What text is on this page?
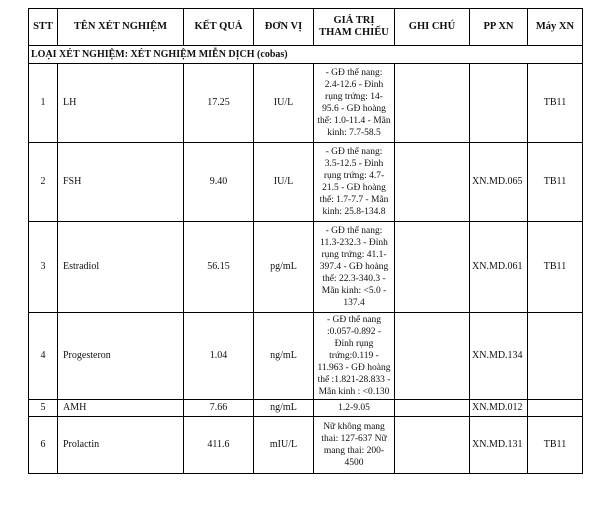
STT	TÊN XÉT NGHIỆM	KẾT QUẢ	ĐƠN VỊ	GIÁ TRỊ THAM CHIẾU	GHI CHÚ	PP XN	Máy XN
LOẠI XÉT NGHIỆM: XÉT NGHIỆM MIỄN DỊCH (cobas)							
1	LH	17.25	IU/L	- GĐ thể nang: 2.4-12.6 - Đỉnh rụng trứng: 14-95.6 - GĐ hoàng thể: 1.0-11.4 - Mãn kinh: 7.7-58.5			TB11
2	FSH	9.40	IU/L	- GĐ thể nang: 3.5-12.5 - Đỉnh rụng trứng: 4.7-21.5 - GĐ hoàng thể: 1.7-7.7 - Mãn kinh: 25.8-134.8		XN.MD.065	TB11
3	Estradiol	56.15	pg/mL	- GĐ thể nang: 11.3-232.3 - Đỉnh rụng trứng: 41.1-397.4 - GĐ hoàng thể: 22.3-340.3 - Mãn kinh: <5.0 - 137.4		XN.MD.061	TB11
4	Progesteron	1.04	ng/mL	- GĐ thể nang :0.057-0.892 - Đỉnh rụng trứng:0.119 - 11.963 - GĐ hoàng thể :1.821-28.833 - Mãn kinh : <0.130		XN.MD.134	
5	AMH	7.66	ng/mL	1.2-9.05		XN.MD.012	
6	Prolactin	411.6	mIU/L	Nữ không mang thai: 127-637 Nữ mang thai: 200-4500		XN.MD.131	TB11
